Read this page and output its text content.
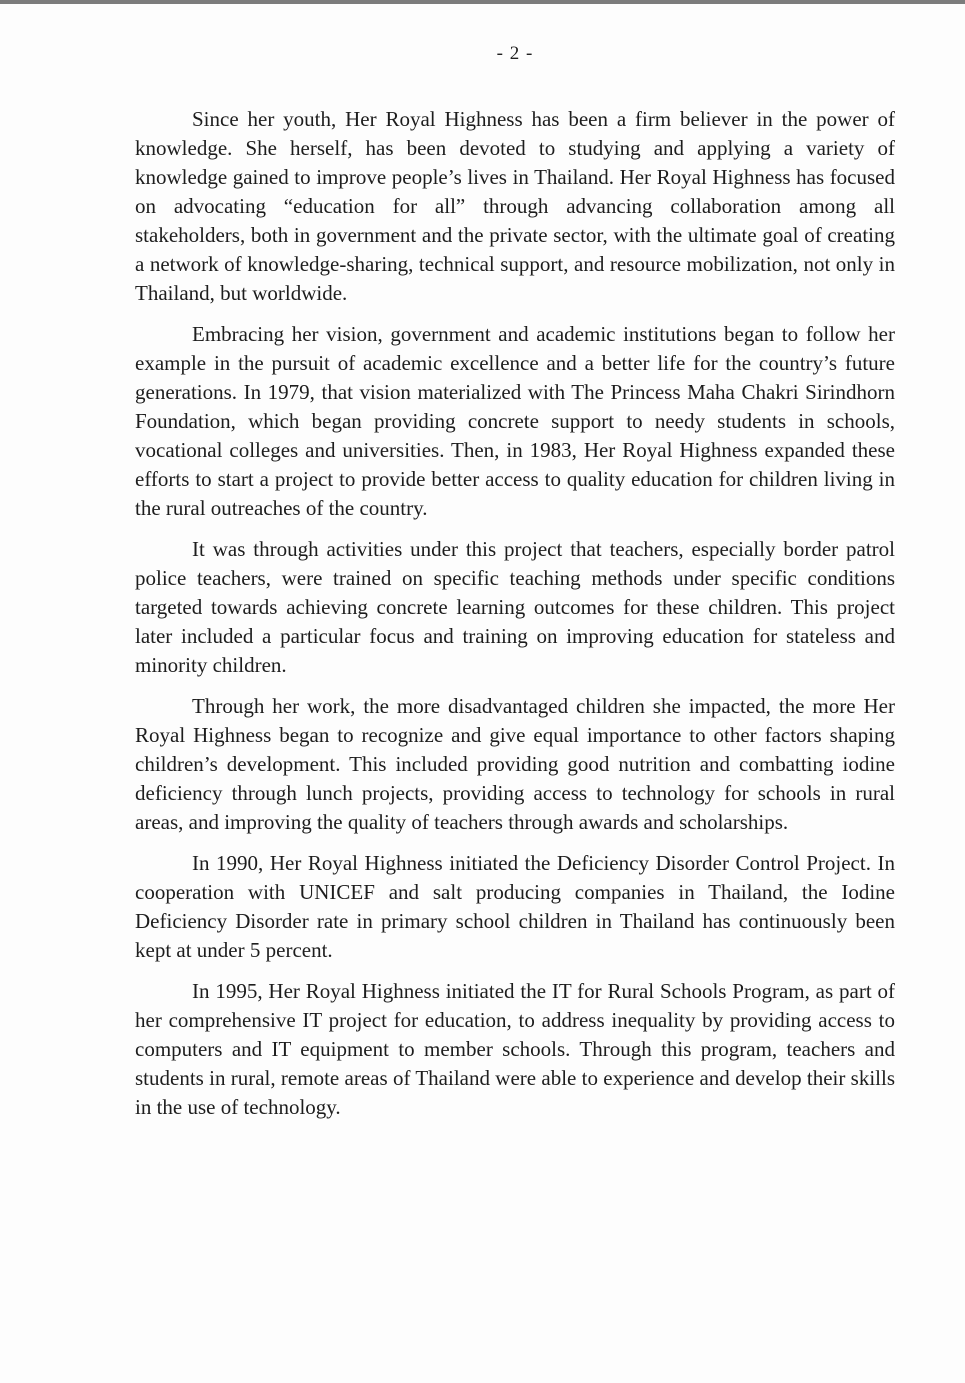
- 2 -

Since her youth, Her Royal Highness has been a firm believer in the power of knowledge. She herself, has been devoted to studying and applying a variety of knowledge gained to improve people’s lives in Thailand. Her Royal Highness has focused on advocating “education for all” through advancing collaboration among all stakeholders, both in government and the private sector, with the ultimate goal of creating a network of knowledge-sharing, technical support, and resource mobilization, not only in Thailand, but worldwide.

Embracing her vision, government and academic institutions began to follow her example in the pursuit of academic excellence and a better life for the country’s future generations. In 1979, that vision materialized with The Princess Maha Chakri Sirindhorn Foundation, which began providing concrete support to needy students in schools, vocational colleges and universities. Then, in 1983, Her Royal Highness expanded these efforts to start a project to provide better access to quality education for children living in the rural outreaches of the country.

It was through activities under this project that teachers, especially border patrol police teachers, were trained on specific teaching methods under specific conditions targeted towards achieving concrete learning outcomes for these children. This project later included a particular focus and training on improving education for stateless and minority children.

Through her work, the more disadvantaged children she impacted, the more Her Royal Highness began to recognize and give equal importance to other factors shaping children’s development. This included providing good nutrition and combatting iodine deficiency through lunch projects, providing access to technology for schools in rural areas, and improving the quality of teachers through awards and scholarships.

In 1990, Her Royal Highness initiated the Deficiency Disorder Control Project. In cooperation with UNICEF and salt producing companies in Thailand, the Iodine Deficiency Disorder rate in primary school children in Thailand has continuously been kept at under 5 percent.

In 1995, Her Royal Highness initiated the IT for Rural Schools Program, as part of her comprehensive IT project for education, to address inequality by providing access to computers and IT equipment to member schools. Through this program, teachers and students in rural, remote areas of Thailand were able to experience and develop their skills in the use of technology.
